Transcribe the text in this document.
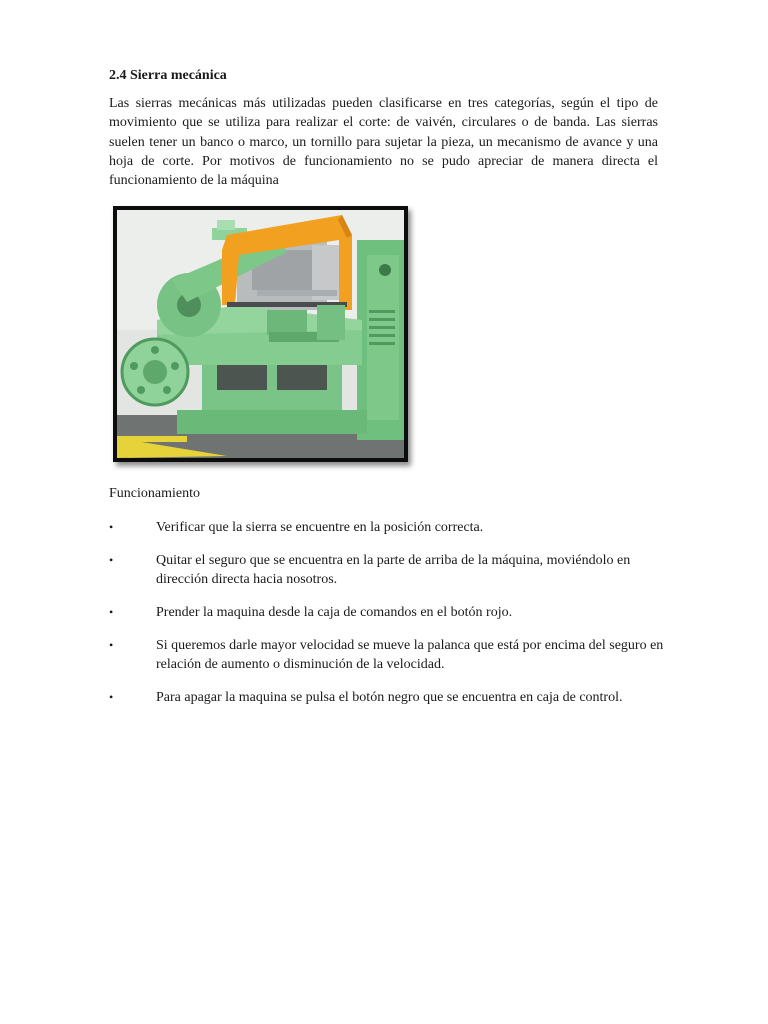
2.4 Sierra mecánica

Las sierras mecánicas más utilizadas pueden clasificarse en tres categorías, según el tipo de movimiento que se utiliza para realizar el corte: de vaivén, circulares o de banda. Las sierras suelen tener un banco o marco, un tornillo para sujetar la pieza, un mecanismo de avance y una hoja de corte. Por motivos de funcionamiento no se pudo apreciar de manera directa el funcionamiento de la máquina

Funcionamiento

•	Verificar que la sierra se encuentre en la posición correcta.
•	Quitar el seguro que se encuentra en la parte de arriba de la máquina, moviéndolo en dirección directa hacia nosotros.
•	Prender la maquina desde la caja de comandos en el botón rojo.
•	Si queremos darle mayor velocidad se mueve la palanca que está por encima del seguro en relación de aumento o disminución de la velocidad.
•	Para apagar la maquina se pulsa el botón negro que se encuentra en caja de control.
